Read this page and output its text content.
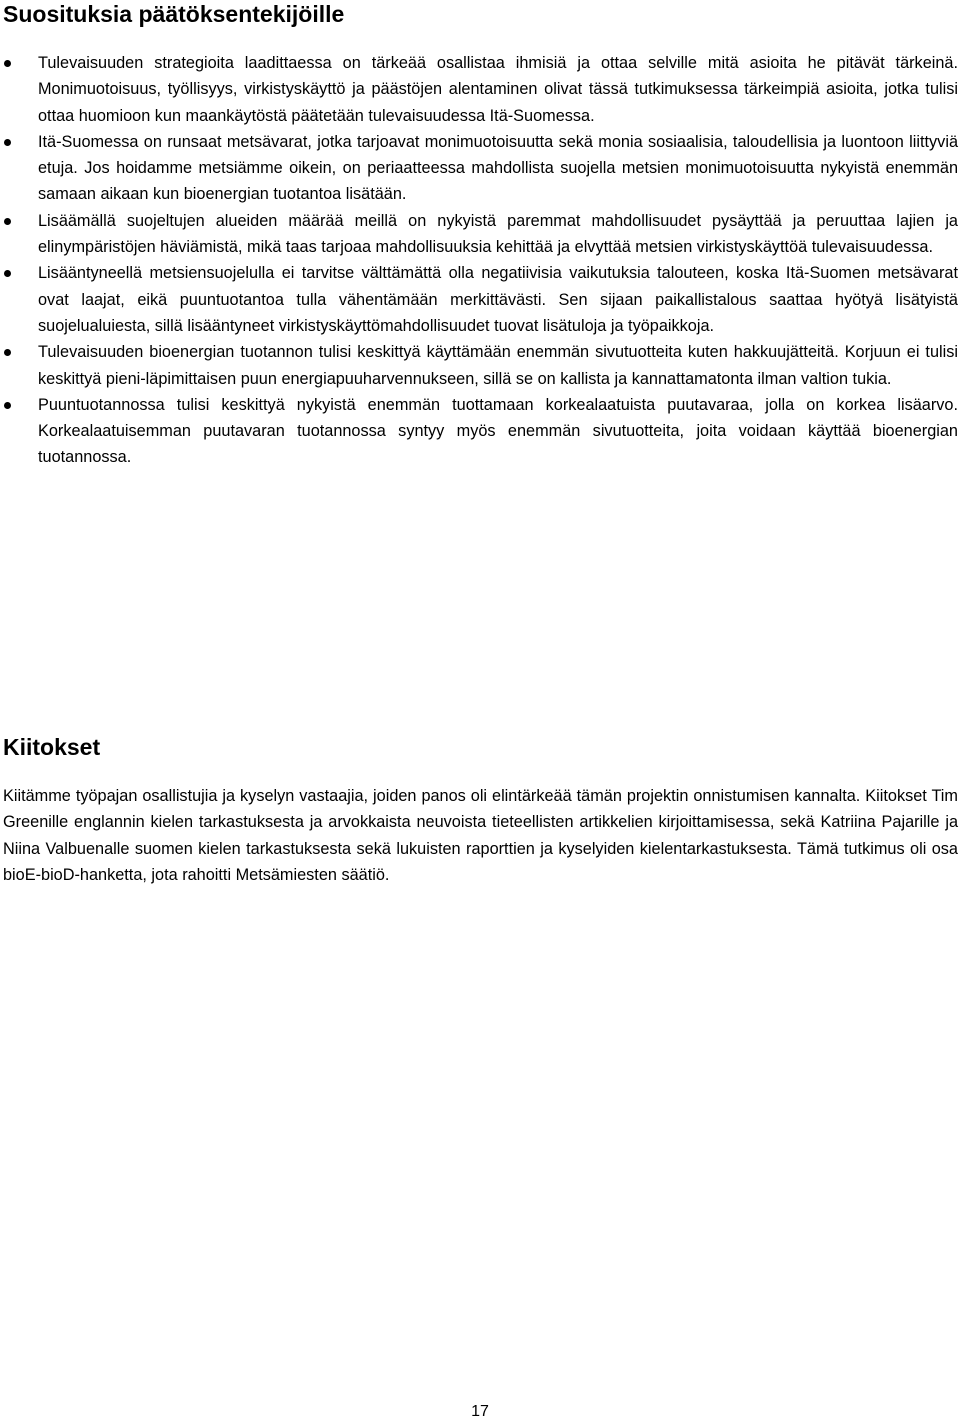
Suosituksia päätöksentekijöille
Tulevaisuuden strategioita laadittaessa on tärkeää osallistaa ihmisiä ja ottaa selville mitä asioita he pitävät tärkeinä. Monimuotoisuus, työllisyys, virkistyskäyttö ja päästöjen alentaminen olivat tässä tutkimuksessa tärkeimpiä asioita, jotka tulisi ottaa huomioon kun maankäytöstä päätetään tulevaisuudessa Itä-Suomessa.
Itä-Suomessa on runsaat metsävarat, jotka tarjoavat monimuotoisuutta sekä monia sosiaalisia, taloudellisia ja luontoon liittyviä etuja. Jos hoidamme metsiämme oikein, on periaatteessa mahdollista suojella metsien monimuotoisuutta nykyistä enemmän samaan aikaan kun bioenergian tuotantoa lisätään.
Lisäämällä suojeltujen alueiden määrää meillä on nykyistä paremmat mahdollisuudet pysäyttää ja peruuttaa lajien ja elinympäristöjen häviämistä, mikä taas tarjoaa mahdollisuuksia kehittää ja elvyttää metsien virkistyskäyttöä tulevaisuudessa.
Lisääntyneellä metsiensuojelulla ei tarvitse välttämättä olla negatiivisia vaikutuksia talouteen, koska Itä-Suomen metsävarat ovat laajat, eikä puuntuotantoa tulla vähentämään merkittävästi. Sen sijaan paikallistalous saattaa hyötyä lisätyistä suojelualuiesta, sillä lisääntyneet virkistyskäyttömahdollisuudet tuovat lisätuloja ja työpaikkoja.
Tulevaisuuden bioenergian tuotannon tulisi keskittyä käyttämään enemmän sivutuotteita kuten hakkuujätteitä. Korjuun ei tulisi keskittyä pieni-läpimittaisen puun energiapuuharvennukseen, sillä se on kallista ja kannattamatonta ilman valtion tukia.
Puuntuotannossa tulisi keskittyä nykyistä enemmän tuottamaan korkealaatuista puutavaraa, jolla on korkea lisäarvo. Korkealaatuisemman puutavaran tuotannossa syntyy myös enemmän sivutuotteita, joita voidaan käyttää bioenergian tuotannossa.
Kiitokset

Kiitämme työpajan osallistujia ja kyselyn vastaajia, joiden panos oli elintärkeää tämän projektin onnistumisen kannalta. Kiitokset Tim Greenille englannin kielen tarkastuksesta ja arvokkaista neuvoista tieteellisten artikkelien kirjoittamisessa, sekä Katriina Pajarille ja Niina Valbuenalle suomen kielen tarkastuksesta sekä lukuisten raporttien ja kyselyiden kielentarkastuksesta. Tämä tutkimus oli osa bioE-bioD-hanketta, jota rahoitti Metsämiesten säätiö.

17
